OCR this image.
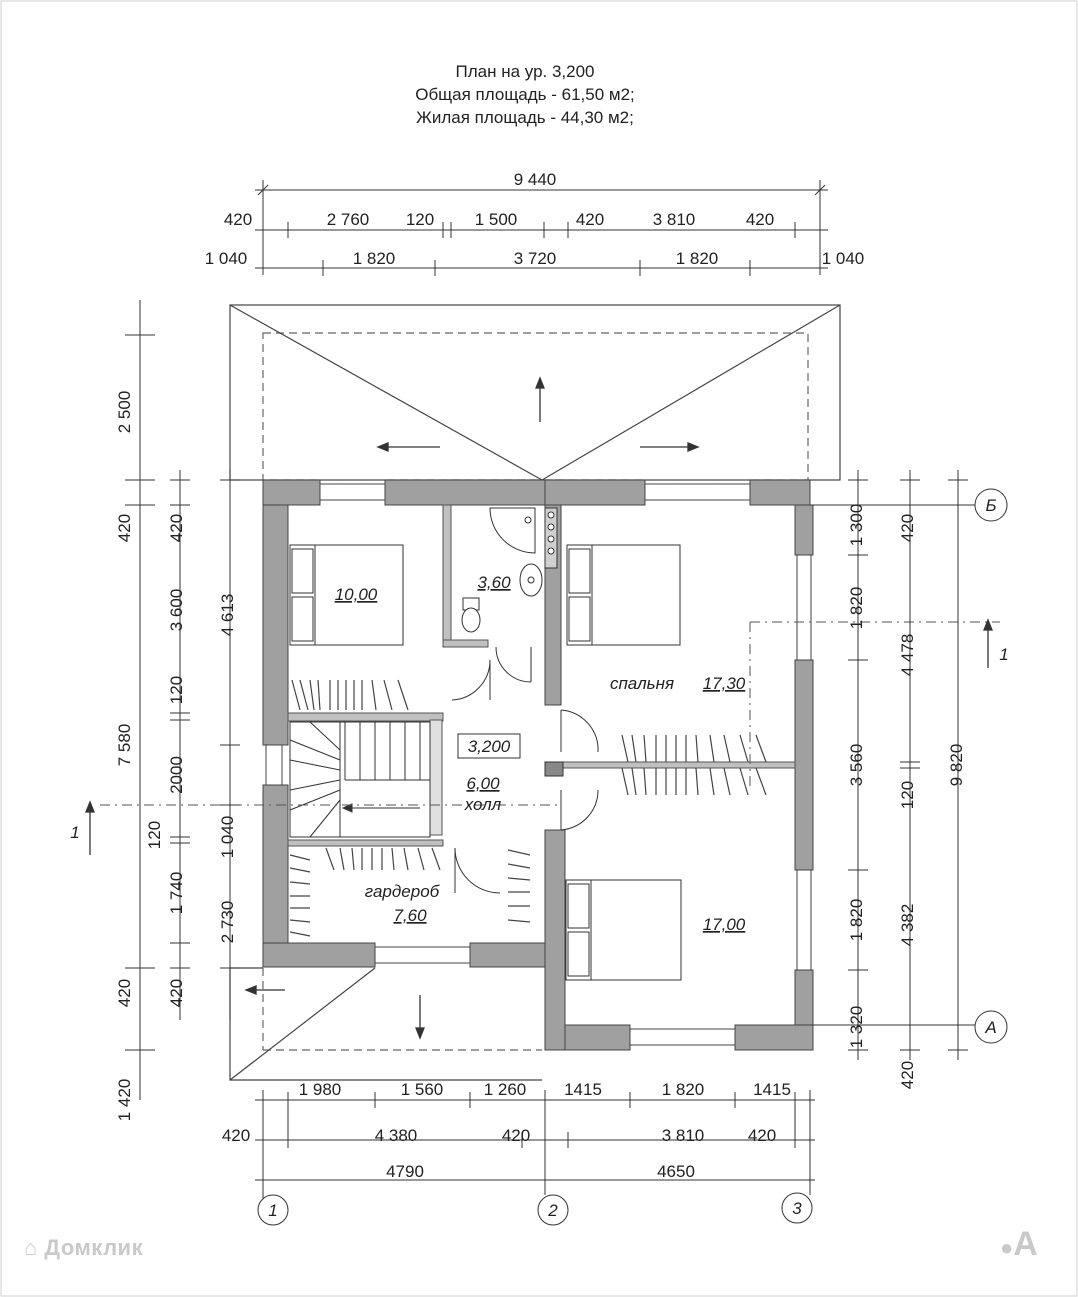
План на ур. 3,200
Общая площадь - 61,50 м2;
Жилая площадь - 44,30 м2;
9 440
420	2 760 120 1 500	420	3 810	420
1 040	1 820	3 720	1 820	1 040
10,00
3,60
спальня 17,30
3,200
6,00
холл
гардероб
7,60	17,00
2 500
420
7 580
420
1 420
420
3 600
120
2000
120
1 740
420
4 613
1 040
2 730
1 300
1 820
3 560
1 820
1 320
420
4 478
120
4 382
420
9 820
Б
А
1
1
1 980	1 560 1 260 1415	1 820	1415
420	4 380	420	3 810	420
4790	4650
1	2	3
⌂ Домклик	●A
